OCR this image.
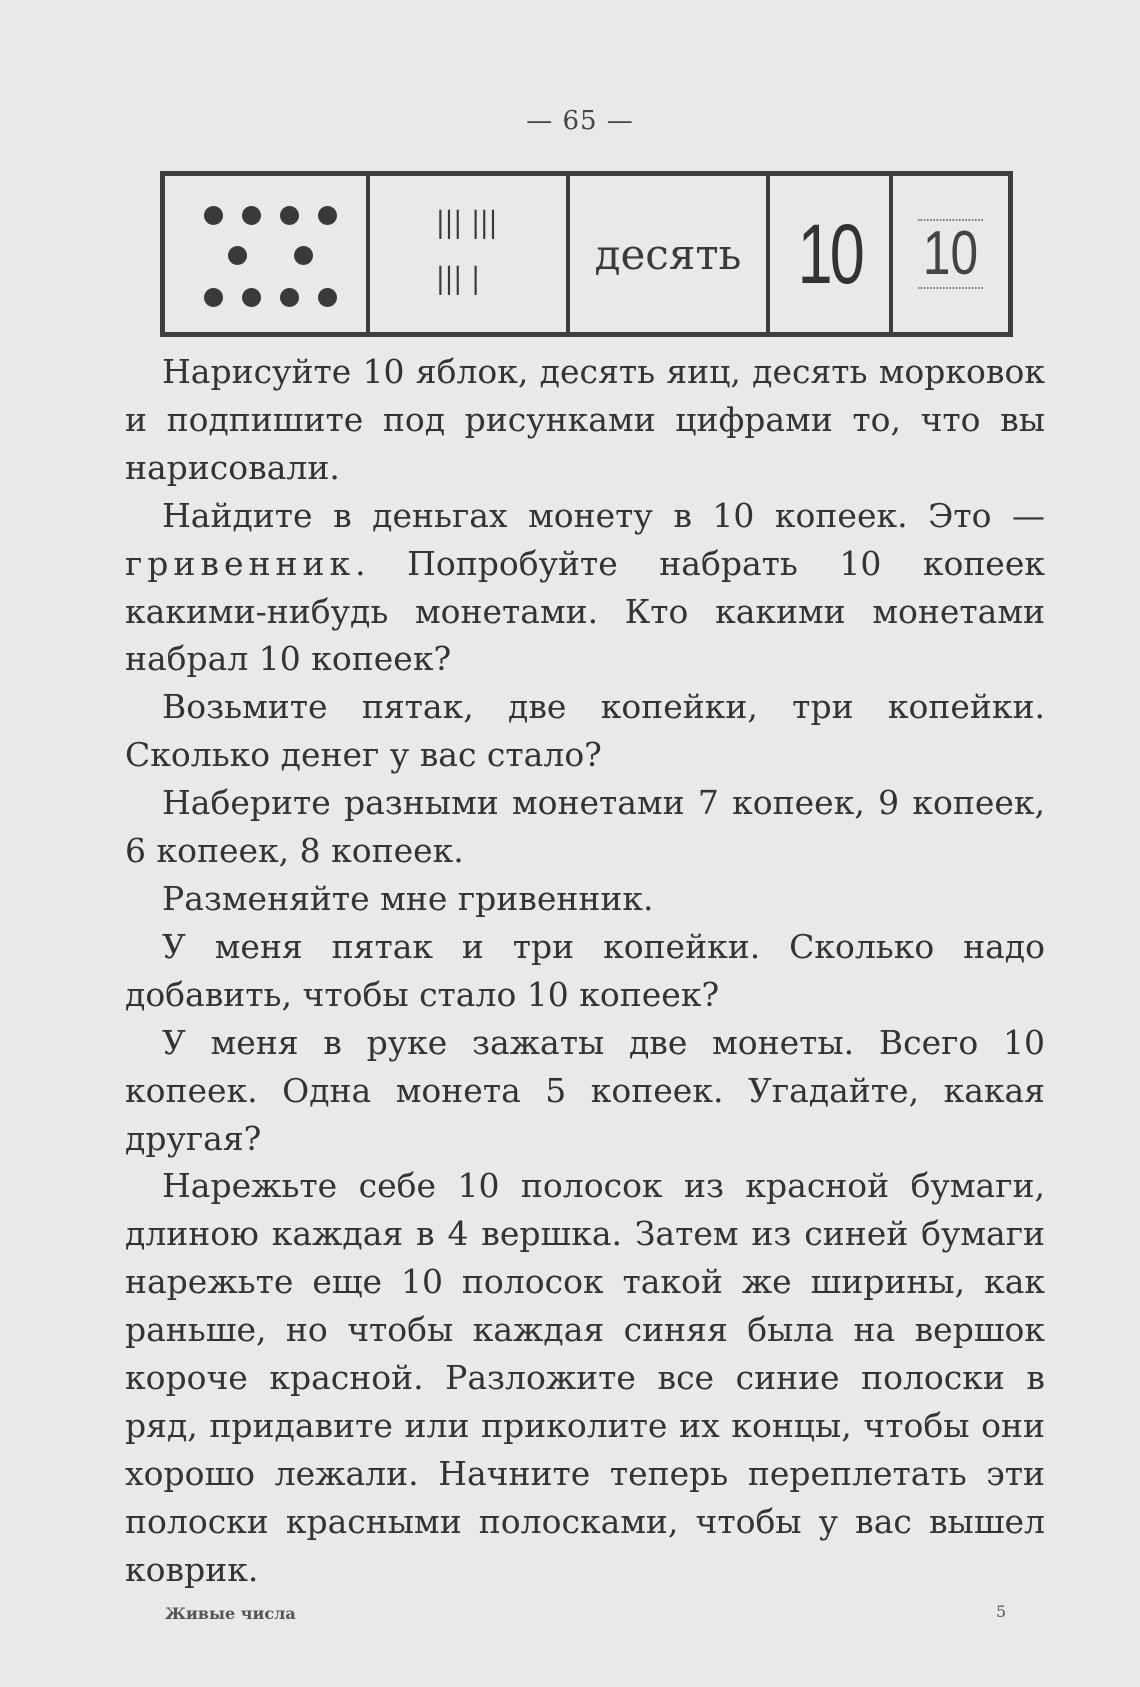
— 65 —
III III
III I
десять 10 10

Нарисуйте 10 яблок, десять яиц, десять морковок и подпишите под рисунками цифрами то, что вы нарисовали.

Найдите в деньгах монету в 10 копеек. Это — гривенник. Попробуйте набрать 10 копеек какими-нибудь монетами. Кто какими монетами набрал 10 копеек?

Возьмите пятак, две копейки, три копейки. Сколько денег у вас стало?

Наберите разными монетами 7 копеек, 9 копеек, 6 копеек, 8 копеек.

Разменяйте мне гривенник.

У меня пятак и три копейки. Сколько надо добавить, чтобы стало 10 копеек?

У меня в руке зажаты две монеты. Всего 10 копеек. Одна монета 5 копеек. Угадайте, какая другая?

Нарежьте себе 10 полосок из красной бумаги, длиною каждая в 4 вершка. Затем из синей бумаги нарежьте еще 10 полосок такой же ширины, как раньше, но чтобы каждая синяя была на вершок короче красной. Разложите все синие полоски в ряд, придавите или приколите их концы, чтобы они хорошо лежали. Начните теперь переплетать эти полоски красными полосками, чтобы у вас вышел коврик.

Живые числа	5
